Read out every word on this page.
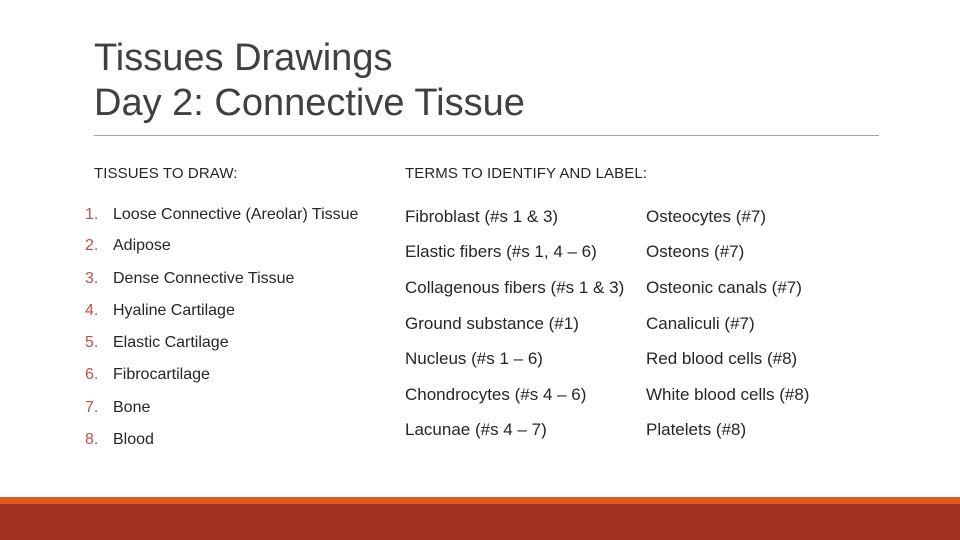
Tissues Drawings
Day 2: Connective Tissue
TISSUES TO DRAW:	TERMS TO IDENTIFY AND LABEL:
1. Loose Connective (Areolar) Tissue
2. Adipose
3. Dense Connective Tissue
4. Hyaline Cartilage
5. Elastic Cartilage
6. Fibrocartilage
7. Bone
8. Blood
Fibroblast (#s 1 & 3)
Elastic fibers (#s 1, 4 – 6)
Collagenous fibers (#s 1 & 3)
Ground substance (#1)
Nucleus (#s 1 – 6)
Chondrocytes (#s 4 – 6)
Lacunae (#s 4 – 7)
Osteocytes (#7)
Osteons (#7)
Osteonic canals (#7)
Canaliculi (#7)
Red blood cells (#8)
White blood cells (#8)
Platelets (#8)
